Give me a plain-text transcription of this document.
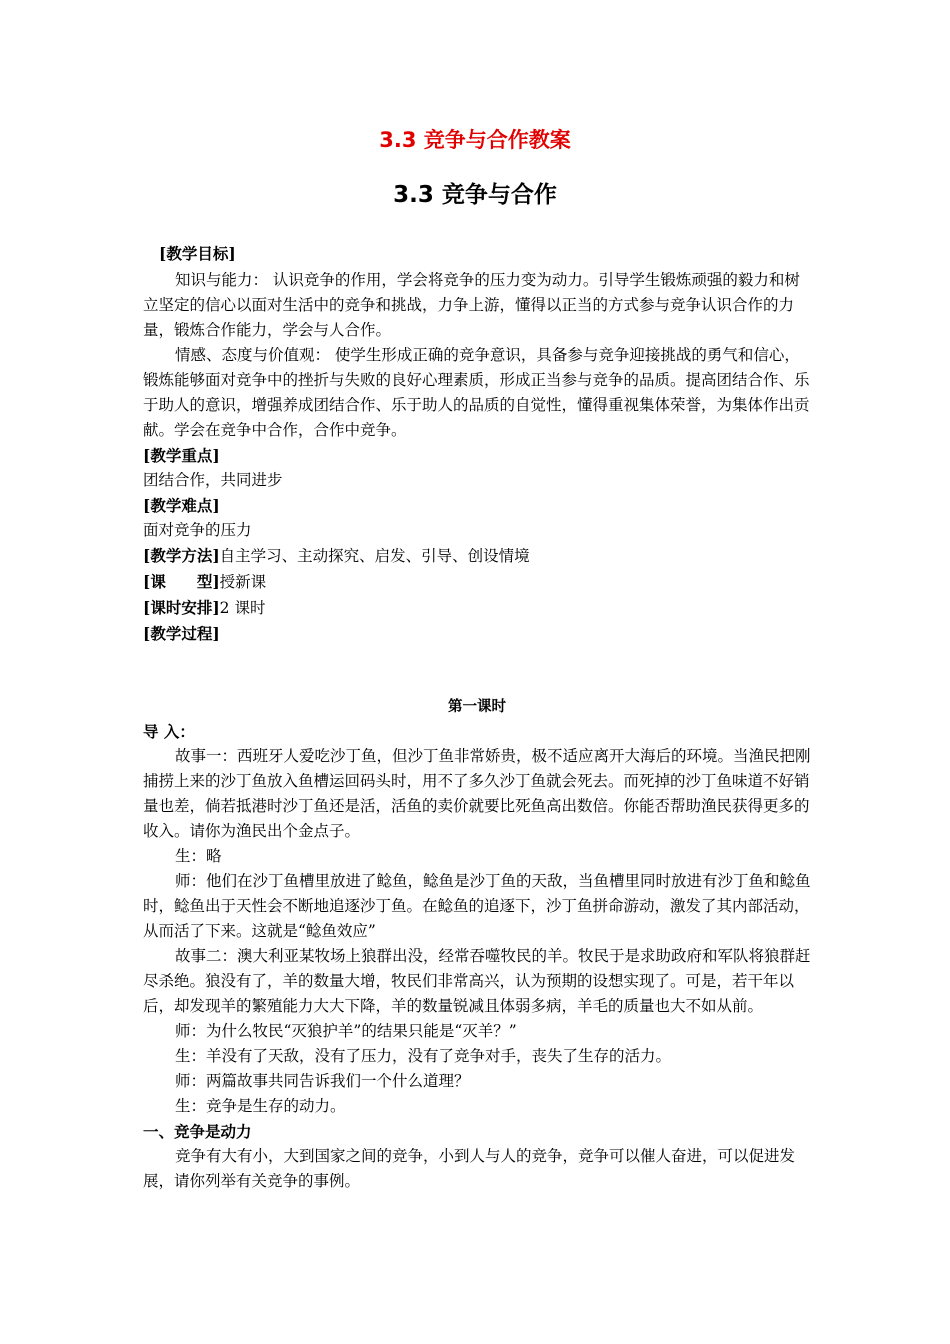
3.3 竞争与合作教案
3.3 竞争与合作

[教学目标]

知识与能力： 认识竞争的作用，学会将竞争的压力变为动力。引导学生锻炼顽强的毅力和树立坚定的信心以面对生活中的竞争和挑战，力争上游，懂得以正当的方式参与竞争认识合作的力量，锻炼合作能力，学会与人合作。

情感、态度与价值观： 使学生形成正确的竞争意识，具备参与竞争迎接挑战的勇气和信心，锻炼能够面对竞争中的挫折与失败的良好心理素质，形成正当参与竞争的品质。提高团结合作、乐于助人的意识，增强养成团结合作、乐于助人的品质的自觉性，懂得重视集体荣誉，为集体作出贡献。学会在竞争中合作，合作中竞争。

[教学重点]

团结合作，共同进步

[教学难点]

面对竞争的压力

[教学方法]自主学习、主动探究、启发、引导、创设情境

[课　　型]授新课

[课时安排]2 课时

[教学过程]

第一课时

导 入：

故事一：西班牙人爱吃沙丁鱼，但沙丁鱼非常娇贵，极不适应离开大海后的环境。当渔民把刚捕捞上来的沙丁鱼放入鱼槽运回码头时，用不了多久沙丁鱼就会死去。而死掉的沙丁鱼味道不好销量也差，倘若抵港时沙丁鱼还是活，活鱼的卖价就要比死鱼高出数倍。你能否帮助渔民获得更多的收入。请你为渔民出个金点子。

生：略

师：他们在沙丁鱼槽里放进了鲶鱼，鲶鱼是沙丁鱼的天敌，当鱼槽里同时放进有沙丁鱼和鲶鱼时，鲶鱼出于天性会不断地追逐沙丁鱼。在鲶鱼的追逐下，沙丁鱼拼命游动，激发了其内部活动，从而活了下来。这就是“鲶鱼效应”

故事二：澳大利亚某牧场上狼群出没，经常吞噬牧民的羊。牧民于是求助政府和军队将狼群赶尽杀绝。狼没有了，羊的数量大增，牧民们非常高兴，认为预期的设想实现了。可是，若干年以后，却发现羊的繁殖能力大大下降，羊的数量锐减且体弱多病，羊毛的质量也大不如从前。

师：为什么牧民“灭狼护羊”的结果只能是“灭羊？”

生：羊没有了天敌，没有了压力，没有了竞争对手，丧失了生存的活力。

师：两篇故事共同告诉我们一个什么道理？

生：竞争是生存的动力。

一、竞争是动力

竞争有大有小，大到国家之间的竞争，小到人与人的竞争，竞争可以催人奋进，可以促进发展，请你列举有关竞争的事例。
